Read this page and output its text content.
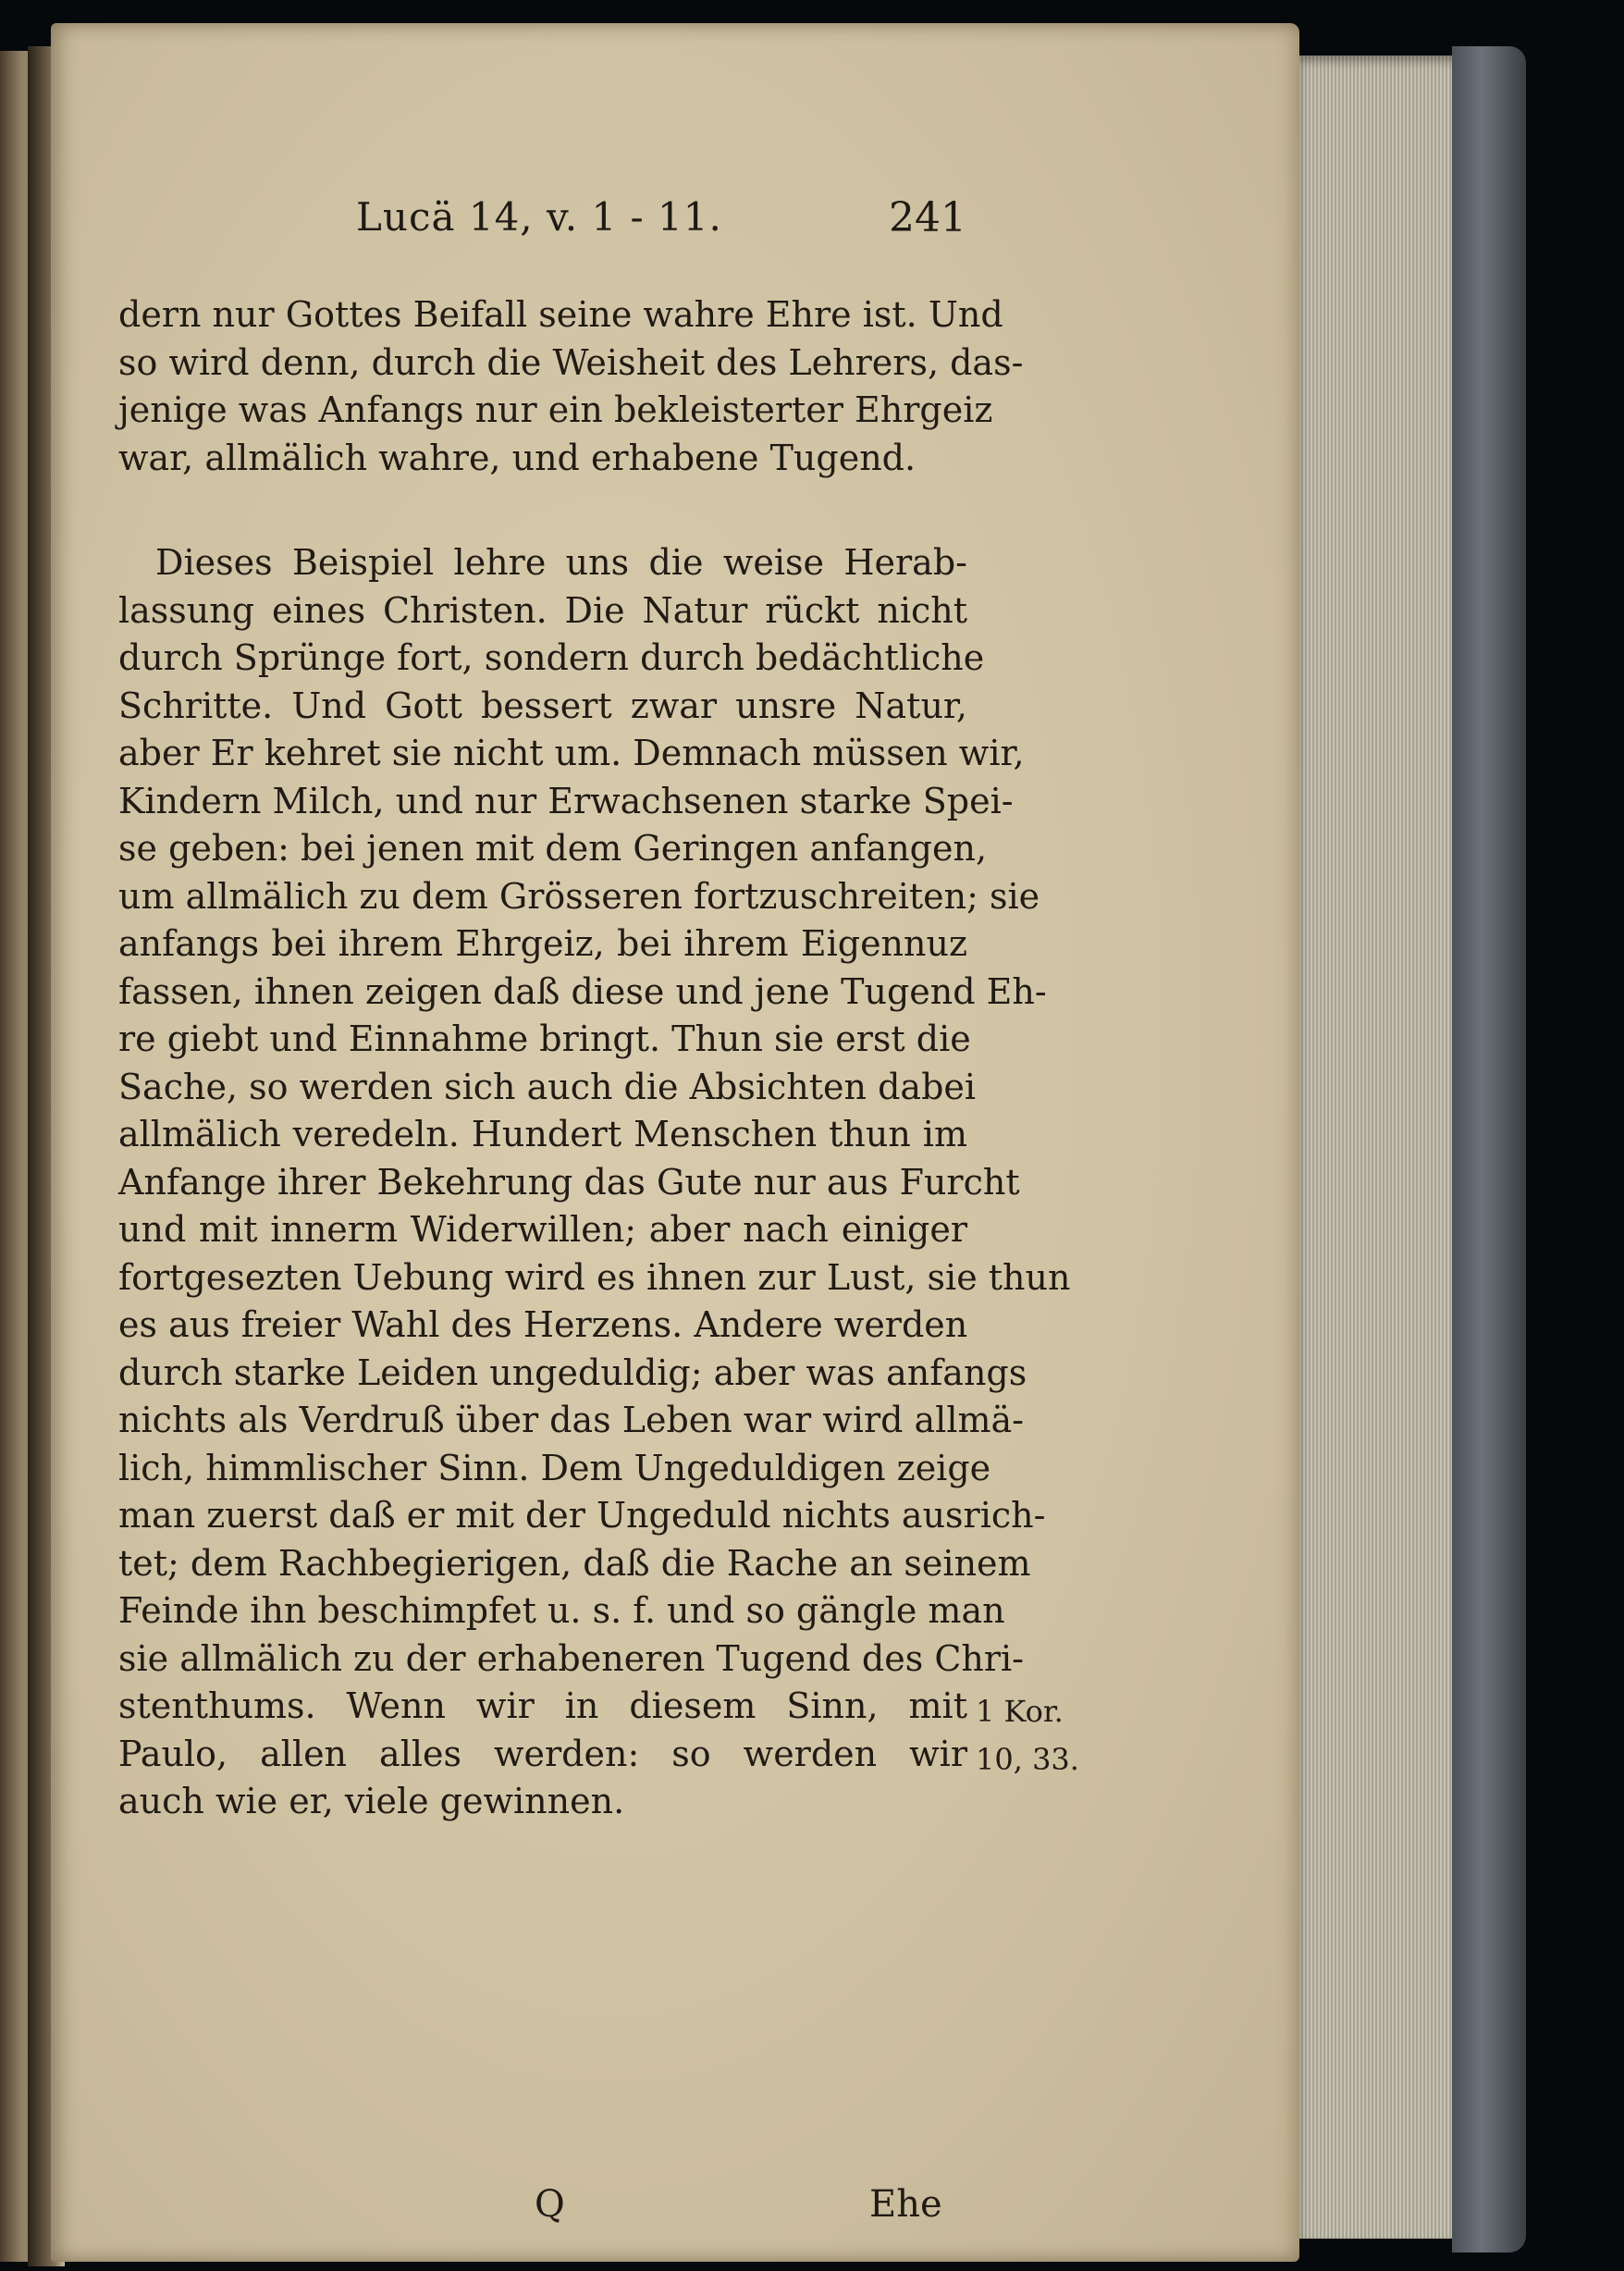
Lucä 14, v. 1 - 11.	241
dern nur Gottes Beifall seine wahre Ehre ist. Und
so wird denn, durch die Weisheit des Lehrers, das-
jenige was Anfangs nur ein bekleisterter Ehrgeiz
war, allmälich wahre, und erhabene Tugend.
Dieses Beispiel lehre uns die weise Herab-
lassung eines Christen. Die Natur rückt nicht
durch Sprünge fort, sondern durch bedächtliche
Schritte. Und Gott bessert zwar unsre Natur,
aber Er kehret sie nicht um. Demnach müssen wir,
Kindern Milch, und nur Erwachsenen starke Spei-
se geben: bei jenen mit dem Geringen anfangen,
um allmälich zu dem Grösseren fortzuschreiten; sie
anfangs bei ihrem Ehrgeiz, bei ihrem Eigennuz
fassen, ihnen zeigen daß diese und jene Tugend Eh-
re giebt und Einnahme bringt. Thun sie erst die
Sache, so werden sich auch die Absichten dabei
allmälich veredeln. Hundert Menschen thun im
Anfange ihrer Bekehrung das Gute nur aus Furcht
und mit innerm Widerwillen; aber nach einiger
fortgesezten Uebung wird es ihnen zur Lust, sie thun
es aus freier Wahl des Herzens. Andere werden
durch starke Leiden ungeduldig; aber was anfangs
nichts als Verdruß über das Leben war wird allmä-
lich, himmlischer Sinn. Dem Ungeduldigen zeige
man zuerst daß er mit der Ungeduld nichts ausrich-
tet; dem Rachbegierigen, daß die Rache an seinem
Feinde ihn beschimpfet u. s. f. und so gängle man
sie allmälich zu der erhabeneren Tugend des Chri-
stenthums. Wenn wir in diesem Sinn, mit
Paulo, allen alles werden: so werden wir
auch wie er, viele gewinnen.
1 Kor.
10, 33.
Q	Ehe
